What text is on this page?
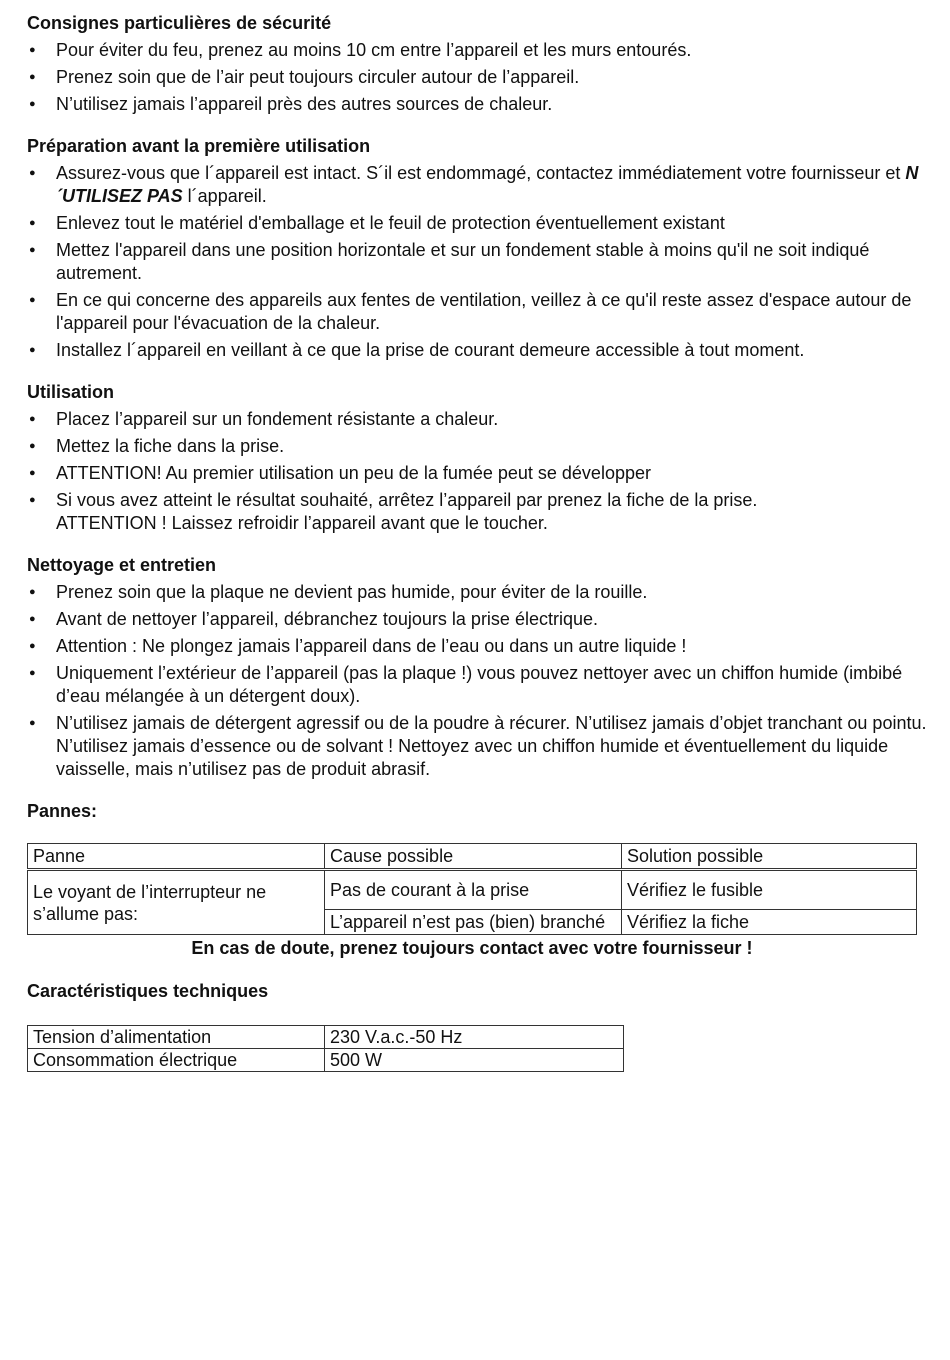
Consignes particulières de sécurité
● Pour éviter du feu, prenez au moins 10 cm entre l’appareil et les murs entourés.
● Prenez soin que de l’air peut toujours circuler autour de l’appareil.
● N’utilisez jamais l’appareil près des autres sources de chaleur.
Préparation avant la première utilisation
● Assurez-vous que l´appareil est intact. S´il est endommagé, contactez immédiatement votre fournisseur et N´UTILISEZ PAS l´appareil.
● Enlevez tout le matériel d'emballage et le feuil de protection éventuellement existant
● Mettez l'appareil dans une position horizontale et sur un fondement stable à moins qu'il ne soit indiqué autrement.
● En ce qui concerne des appareils aux fentes de ventilation, veillez à ce qu'il reste assez d'espace autour de l'appareil pour l'évacuation de la chaleur.
● Installez l´appareil en veillant à ce que la prise de courant demeure accessible à tout moment.
Utilisation
● Placez l’appareil sur un fondement résistante a chaleur.
● Mettez la fiche dans la prise.
● ATTENTION! Au premier utilisation un peu de la fumée peut se développer
● Si vous avez atteint le résultat souhaité, arrêtez l’appareil par prenez la fiche de la prise.
ATTENTION ! Laissez refroidir l’appareil avant que le toucher.
Nettoyage et entretien
● Prenez soin que la plaque ne devient pas humide, pour éviter de la rouille.
● Avant de nettoyer l’appareil, débranchez toujours la prise électrique.
● Attention : Ne plongez jamais l’appareil dans de l’eau ou dans un autre liquide !
● Uniquement l’extérieur de l’appareil (pas la plaque !) vous pouvez nettoyer avec un chiffon humide (imbibé d’eau mélangée à un détergent doux).
● N’utilisez jamais de détergent agressif ou de la poudre à récurer. N’utilisez jamais d’objet tranchant ou pointu. N’utilisez jamais d’essence ou de solvant ! Nettoyez avec un chiffon humide et éventuellement du liquide vaisselle, mais n’utilisez pas de produit abrasif.
Pannes:
Panne	Cause possible	Solution possible
Le voyant de l’interrupteur ne s’allume pas:	Pas de courant à la prise	Vérifiez le fusible
	L’appareil n’est pas (bien) branché	Vérifiez la fiche
En cas de doute, prenez toujours contact avec votre fournisseur !
Caractéristiques techniques
Tension d’alimentation	230 V.a.c.-50 Hz
Consommation électrique	500 W
